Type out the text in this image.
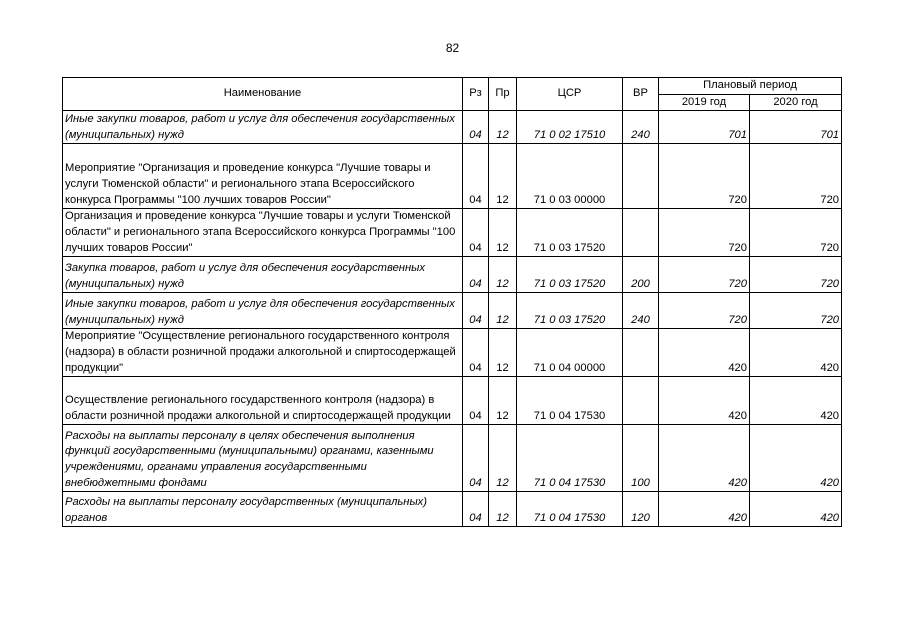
82
Наименование	Рз	Пр	ЦСР	ВР	Плановый период	
					2019 год	2020 год
Иные закупки товаров, работ и услуг для обеспечения государственных (муниципальных) нужд	04	12	71 0 02 17510	240	701	701
Мероприятие "Организация и проведение конкурса "Лучшие товары и услуги Тюменской области" и регионального этапа Всероссийского конкурса Программы "100 лучших товаров России"	04	12	71 0 03 00000		720	720
Организация и проведение конкурса "Лучшие товары и услуги Тюменской области" и регионального этапа Всероссийского конкурса Программы "100 лучших товаров России"	04	12	71 0 03 17520		720	720
Закупка товаров, работ и услуг для обеспечения государственных (муниципальных) нужд	04	12	71 0 03 17520	200	720	720
Иные закупки товаров, работ и услуг для обеспечения государственных (муниципальных) нужд	04	12	71 0 03 17520	240	720	720
Мероприятие "Осуществление регионального государственного контроля (надзора) в области розничной продажи алкогольной и спиртосодержащей продукции"	04	12	71 0 04 00000		420	420
Осуществление регионального государственного контроля (надзора) в области розничной продажи алкогольной и спиртосодержащей продукции	04	12	71 0 04 17530		420	420
Расходы на выплаты персоналу в целях обеспечения выполнения функций государственными (муниципальными) органами, казенными учреждениями, органами управления государственными внебюджетными фондами	04	12	71 0 04 17530	100	420	420
Расходы на выплаты персоналу государственных (муниципальных) органов	04	12	71 0 04 17530	120	420	420
